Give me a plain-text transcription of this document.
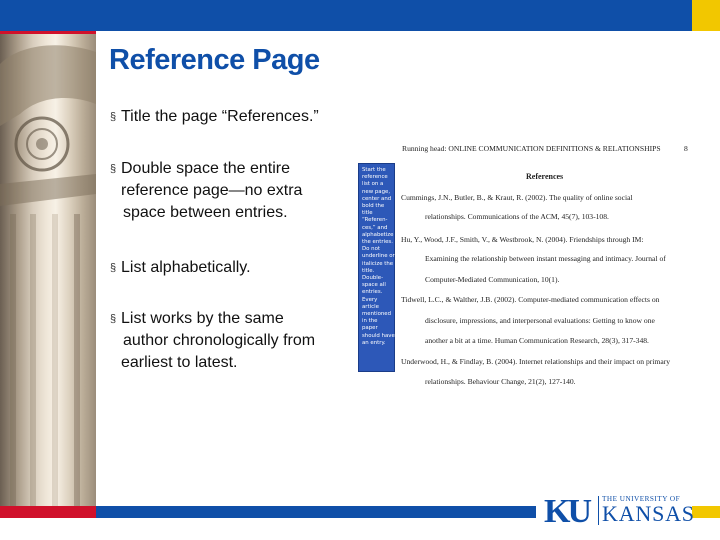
Reference Page
§ Title the page “References.”
§ Double space the entire
reference page—no extra
space between entries.
§ List alphabetically.
§ List works by the same
author chronologically from
earliest to latest.
Start the
reference
list on a
new page,
center and
bold the
title
“Referen-
ces,” and
alphabetize
the entries.
Do not
underline or
italicize the
title.
Double-
space all
entries.
Every
article
mentioned
in the
paper
should have
an entry.
Running head: ONLINE COMMUNICATION DEFINITIONS & RELATIONSHIPS	8
References
Cummings, J.N., Butler, B., & Kraut, R. (2002). The quality of online social
relationships. Communications of the ACM, 45(7), 103-108.
Hu, Y., Wood, J.F., Smith, V., & Westbrook, N. (2004). Friendships through IM:
Examining the relationship between instant messaging and intimacy. Journal of
Computer-Mediated Communication, 10(1).
Tidwell, L.C., & Walther, J.B. (2002). Computer-mediated communication effects on
disclosure, impressions, and interpersonal evaluations: Getting to know one
another a bit at a time. Human Communication Research, 28(3), 317-348.
Underwood, H., & Findlay, B. (2004). Internet relationships and their impact on primary
relationships. Behaviour Change, 21(2), 127-140.
KU THE UNIVERSITY OF
KANSAS
